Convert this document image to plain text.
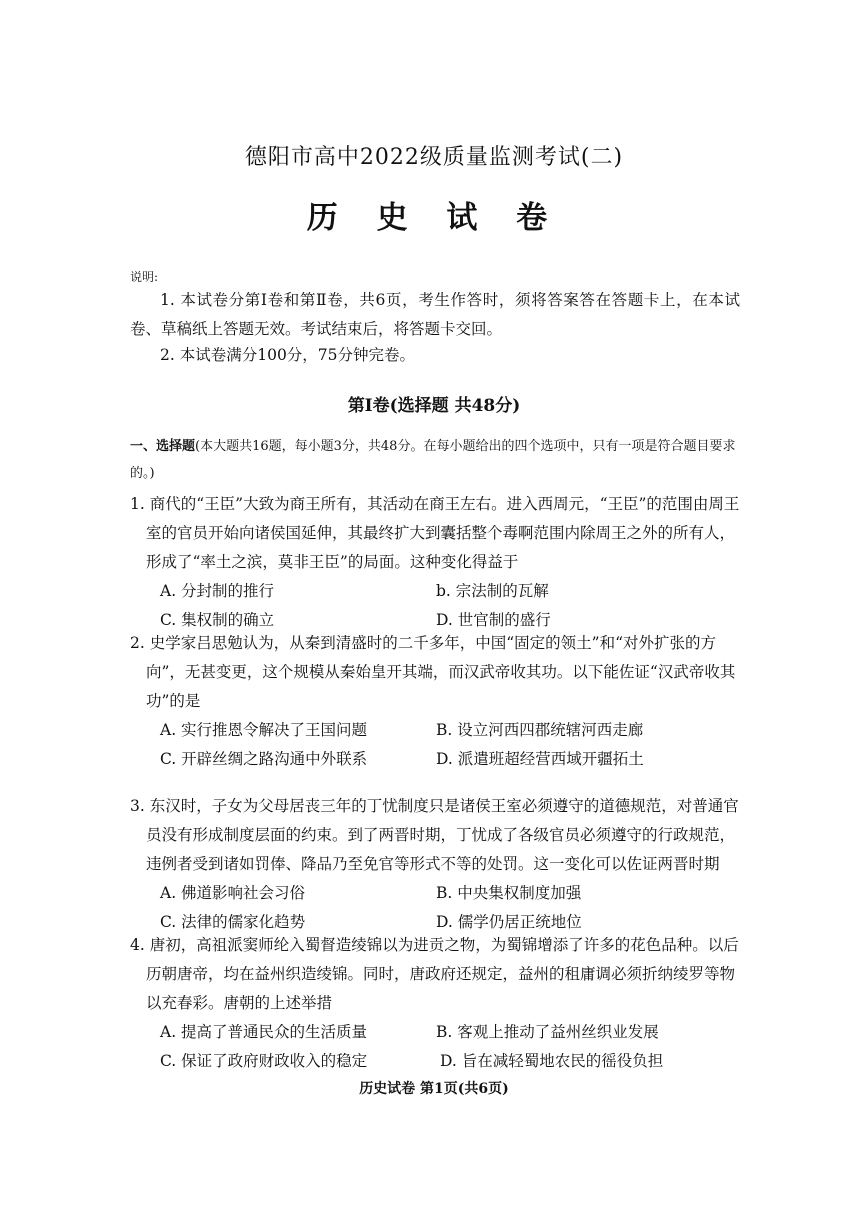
德阳市高中2022级质量监测考试(二)
历 史 试 卷
说明:
1. 本试卷分第Ⅰ卷和第Ⅱ卷，共6页，考生作答时，须将答案答在答题卡上，在本试卷、草稿纸上答题无效。考试结束后，将答题卡交回。
2. 本试卷满分100分，75分钟完卷。
第Ⅰ卷(选择题 共48分)
一、选择题(本大题共16题，每小题3分，共48分。在每小题给出的四个选项中，只有一项是符合题目要求的。)
1. 商代的“王臣”大致为商王所有，其活动在商王左右。进入西周元，“王臣”的范围由周王室的官员开始向诸侯国延伸，其最终扩大到囊括整个毒啊范围内除周王之外的所有人，形成了“率土之滨，莫非王臣”的局面。这种变化得益于
A. 分封制的推行	b. 宗法制的瓦解
C. 集权制的确立	D. 世官制的盛行
2. 史学家吕思勉认为，从秦到清盛时的二千多年，中国“固定的领土”和“对外扩张的方向”，无甚变更，这个规模从秦始皇开其端，而汉武帝收其功。以下能佐证“汉武帝收其功”的是
A. 实行推恩令解决了王国问题	B. 设立河西四郡统辖河西走廊
C. 开辟丝绸之路沟通中外联系	D. 派遣班超经营西域开疆拓土
3. 东汉时，子女为父母居丧三年的丁忧制度只是诸侯王室必须遵守的道德规范，对普通官员没有形成制度层面的约束。到了两晋时期，丁忧成了各级官员必须遵守的行政规范，违例者受到诸如罚俸、降品乃至免官等形式不等的处罚。这一变化可以佐证两晋时期
A. 佛道影响社会习俗	B. 中央集权制度加强
C. 法律的儒家化趋势	D. 儒学仍居正统地位
4. 唐初，高祖派窦师纶入蜀督造绫锦以为进贡之物，为蜀锦增添了许多的花色品种。以后历朝唐帝，均在益州织造绫锦。同时，唐政府还规定，益州的租庸调必须折纳绫罗等物以充春彩。唐朝的上述举措
A. 提高了普通民众的生活质量	B. 客观上推动了益州丝织业发展
C. 保证了政府财政收入的稳定	D. 旨在减轻蜀地农民的徭役负担
历史试卷 第1页(共6页)
